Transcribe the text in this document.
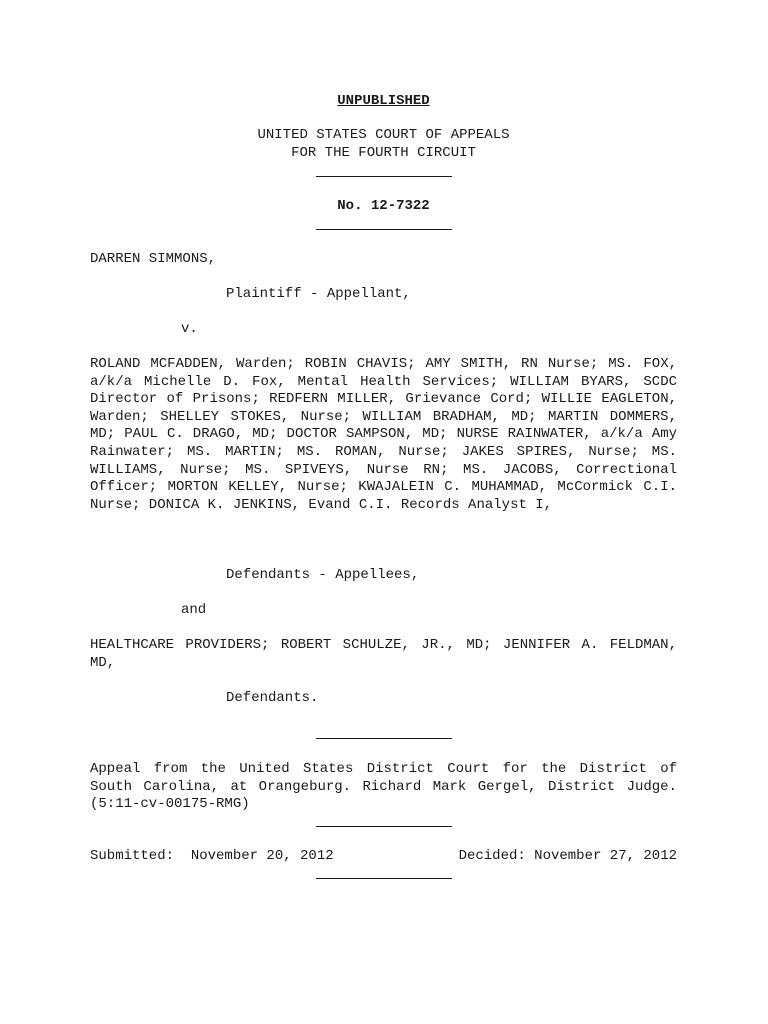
UNPUBLISHED
UNITED STATES COURT OF APPEALS
FOR THE FOURTH CIRCUIT
No. 12-7322
DARREN SIMMONS,
Plaintiff - Appellant,
v.
ROLAND MCFADDEN, Warden; ROBIN CHAVIS; AMY SMITH, RN Nurse; MS. FOX, a/k/a Michelle D. Fox, Mental Health Services; WILLIAM BYARS, SCDC Director of Prisons; REDFERN MILLER, Grievance Cord; WILLIE EAGLETON, Warden; SHELLEY STOKES, Nurse; WILLIAM BRADHAM, MD; MARTIN DOMMERS, MD; PAUL C. DRAGO, MD; DOCTOR SAMPSON, MD; NURSE RAINWATER, a/k/a Amy Rainwater; MS. MARTIN; MS. ROMAN, Nurse; JAKES SPIRES, Nurse; MS. WILLIAMS, Nurse; MS. SPIVEYS, Nurse RN; MS. JACOBS, Correctional Officer; MORTON KELLEY, Nurse; KWAJALEIN C. MUHAMMAD, McCormick C.I. Nurse; DONICA K. JENKINS, Evand C.I. Records Analyst I,
Defendants - Appellees,
and
HEALTHCARE PROVIDERS; ROBERT SCHULZE, JR., MD; JENNIFER A. FELDMAN, MD,
Defendants.
Appeal from the United States District Court for the District of South Carolina, at Orangeburg. Richard Mark Gergel, District Judge. (5:11-cv-00175-RMG)
Submitted:  November 20, 2012	Decided: November 27, 2012
